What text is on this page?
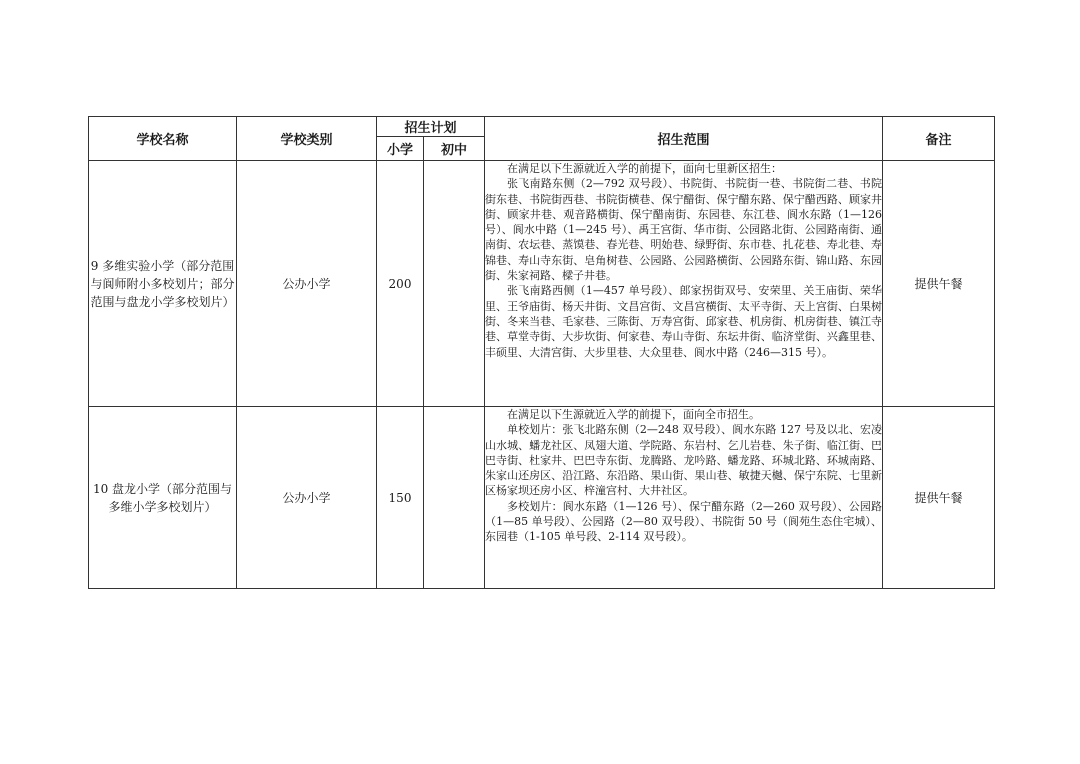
学校名称	学校类别	招生计划		招生范围	备注
		小学	初中		
9 多维实验小学（部分范围与阆师附小多校划片；部分范围与盘龙小学多校划片）	公办小学	200		在满足以下生源就近入学的前提下，面向七里新区招生：

张飞南路东侧（2—792 双号段）、书院街、书院街一巷、书院街二巷、书院街东巷、书院街西巷、书院街横巷、保宁醋街、保宁醋东路、保宁醋西路、顾家井街、顾家井巷、观音路横街、保宁醋南街、东园巷、东江巷、阆水东路（1—126 号）、阆水中路（1—245 号）、禹王宫街、华市街、公园路北街、公园路南街、通南街、农坛巷、蒸馍巷、春光巷、明始巷、绿野街、东市巷、扎花巷、寿北巷、寿锦巷、寿山寺东街、皂角树巷、公园路、公园路横街、公园路东街、锦山路、东园街、朱家祠路、樑子井巷。

张飞南路西侧（1—457 单号段）、郎家拐街双号、安荣里、关王庙街、荣华里、王爷庙街、杨天井街、文昌宫街、文昌宫横街、太平寺街、天上宫街、白果树街、冬来当巷、毛家巷、三陈街、万寿宫街、邱家巷、机房街、机房街巷、镇江寺巷、草堂寺街、大步坎街、何家巷、寿山寺街、东坛井街、临济堂街、兴鑫里巷、丰硕里、大清宫街、大步里巷、大众里巷、阆水中路（246—315 号）。	提供午餐
10 盘龙小学（部分范围与多维小学多校划片）	公办小学	150		在满足以下生源就近入学的前提下，面向全市招生。

单校划片：张飞北路东侧（2—248 双号段）、阆水东路 127 号及以北、宏凌山水城、蟠龙社区、凤翅大道、学院路、东岩村、乞儿岩巷、朱子街、临江街、巴巴寺街、杜家井、巴巴寺东街、龙腾路、龙吟路、蟠龙路、环城北路、环城南路、朱家山还房区、沿江路、东沿路、果山街、果山巷、敏捷天樾、保宁东院、七里新区杨家坝还房小区、梓潼宫村、大井社区。

多校划片：阆水东路（1—126 号）、保宁醋东路（2—260 双号段）、公园路（1—85 单号段）、公园路（2—80 双号段）、书院街 50 号（阆苑生态住宅城）、东园巷（1-105 单号段、2-114 双号段）。	提供午餐
